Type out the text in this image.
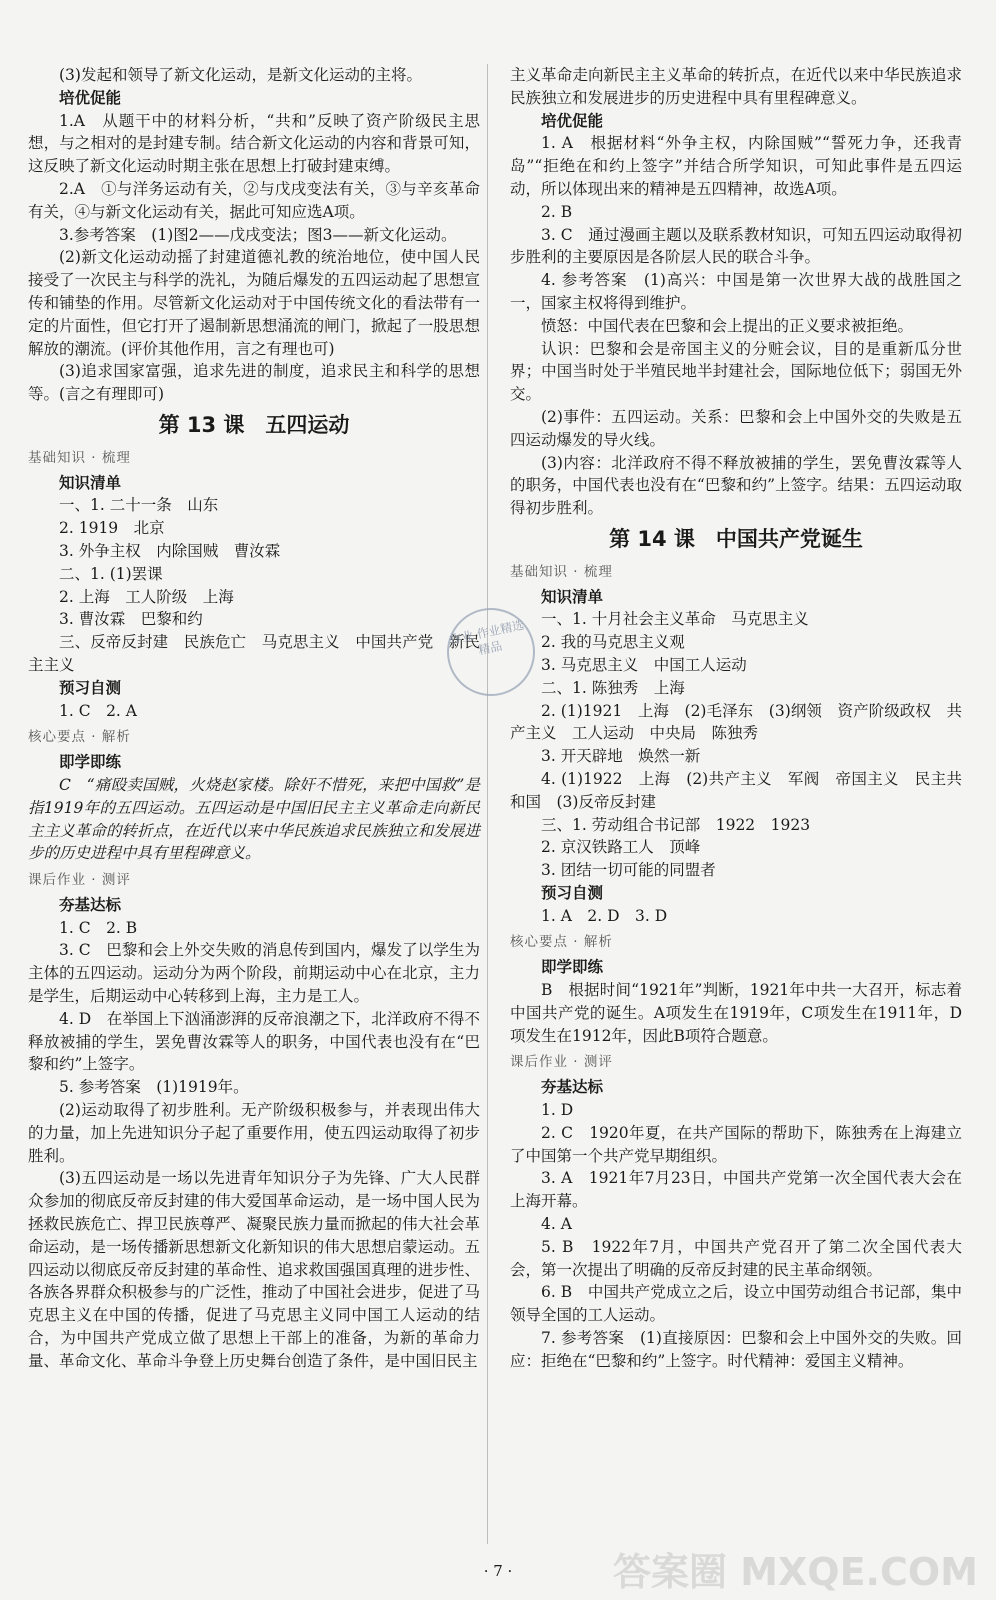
(3)发起和领导了新文化运动，是新文化运动的主将。

培优促能

1.A　从题干中的材料分析，“共和”反映了资产阶级民主思想，与之相对的是封建专制。结合新文化运动的内容和背景可知，这反映了新文化运动时期主张在思想上打破封建束缚。

2.A　①与洋务运动有关，②与戊戌变法有关，③与辛亥革命有关，④与新文化运动有关，据此可知应选A项。

3.参考答案　(1)图2——戊戌变法；图3——新文化运动。

(2)新文化运动动摇了封建道德礼教的统治地位，使中国人民接受了一次民主与科学的洗礼，为随后爆发的五四运动起了思想宣传和铺垫的作用。尽管新文化运动对于中国传统文化的看法带有一定的片面性，但它打开了遏制新思想涌流的闸门，掀起了一股思想解放的潮流。(评价其他作用，言之有理也可)

(3)追求国家富强，追求先进的制度，追求民主和科学的思想等。(言之有理即可)

第 13 课　五四运动

基础知识 · 梳理

知识清单

一、1. 二十一条　山东

2. 1919　北京

3. 外争主权　内除国贼　曹汝霖

二、1. (1)罢课

2. 上海　工人阶级　上海

3. 曹汝霖　巴黎和约

三、反帝反封建　民族危亡　马克思主义　中国共产党　新民主主义

预习自测

1. C　2. A

核心要点 · 解析

即学即练

C　“痛殴卖国贼，火烧赵家楼。除奸不惜死，来把中国救”是指1919年的五四运动。五四运动是中国旧民主主义革命走向新民主主义革命的转折点，在近代以来中华民族追求民族独立和发展进步的历史进程中具有里程碑意义。

课后作业 · 测评

夯基达标

1. C　2. B

3. C　巴黎和会上外交失败的消息传到国内，爆发了以学生为主体的五四运动。运动分为两个阶段，前期运动中心在北京，主力是学生，后期运动中心转移到上海，主力是工人。

4. D　在举国上下汹涌澎湃的反帝浪潮之下，北洋政府不得不释放被捕的学生，罢免曹汝霖等人的职务，中国代表也没有在“巴黎和约”上签字。

5. 参考答案　(1)1919年。

(2)运动取得了初步胜利。无产阶级积极参与，并表现出伟大的力量，加上先进知识分子起了重要作用，使五四运动取得了初步胜利。

(3)五四运动是一场以先进青年知识分子为先锋、广大人民群众参加的彻底反帝反封建的伟大爱国革命运动，是一场中国人民为拯救民族危亡、捍卫民族尊严、凝聚民族力量而掀起的伟大社会革命运动，是一场传播新思想新文化新知识的伟大思想启蒙运动。五四运动以彻底反帝反封建的革命性、追求救国强国真理的进步性、各族各界群众积极参与的广泛性，推动了中国社会进步，促进了马克思主义在中国的传播，促进了马克思主义同中国工人运动的结合，为中国共产党成立做了思想上干部上的准备，为新的革命力量、革命文化、革命斗争登上历史舞台创造了条件，是中国旧民主

主义革命走向新民主主义革命的转折点，在近代以来中华民族追求民族独立和发展进步的历史进程中具有里程碑意义。

培优促能

1. A　根据材料“外争主权，内除国贼”“誓死力争，还我青岛”“拒绝在和约上签字”并结合所学知识，可知此事件是五四运动，所以体现出来的精神是五四精神，故选A项。

2. B

3. C　通过漫画主题以及联系教材知识，可知五四运动取得初步胜利的主要原因是各阶层人民的联合斗争。

4. 参考答案　(1)高兴：中国是第一次世界大战的战胜国之一，国家主权将得到维护。

愤怒：中国代表在巴黎和会上提出的正义要求被拒绝。

认识：巴黎和会是帝国主义的分赃会议，目的是重新瓜分世界；中国当时处于半殖民地半封建社会，国际地位低下；弱国无外交。

(2)事件：五四运动。关系：巴黎和会上中国外交的失败是五四运动爆发的导火线。

(3)内容：北洋政府不得不释放被捕的学生，罢免曹汝霖等人的职务，中国代表也没有在“巴黎和约”上签字。结果：五四运动取得初步胜利。

第 14 课　中国共产党诞生

基础知识 · 梳理

知识清单

一、1. 十月社会主义革命　马克思主义

2. 我的马克思主义观

3. 马克思主义　中国工人运动

二、1. 陈独秀　上海

2. (1)1921　上海　(2)毛泽东　(3)纲领　资产阶级政权　共产主义　工人运动　中央局　陈独秀

3. 开天辟地　焕然一新

4. (1)1922　上海　(2)共产主义　军阀　帝国主义　民主共和国　(3)反帝反封建

三、1. 劳动组合书记部　1922　1923

2. 京汉铁路工人　顶峰

3. 团结一切可能的同盟者

预习自测

1. A　2. D　3. D

核心要点 · 解析

即学即练

B　根据时间“1921年”判断，1921年中共一大召开，标志着中国共产党的诞生。A项发生在1919年，C项发生在1911年，D项发生在1912年，因此B项符合题意。

课后作业 · 测评

夯基达标

1. D

2. C　1920年夏，在共产国际的帮助下，陈独秀在上海建立了中国第一个共产党早期组织。

3. A　1921年7月23日，中国共产党第一次全国代表大会在上海开幕。

4. A

5. B　1922年7月，中国共产党召开了第二次全国代表大会，第一次提出了明确的反帝反封建的民主革命纲领。

6. B　中国共产党成立之后，设立中国劳动组合书记部，集中领导全国的工人运动。

7. 参考答案　(1)直接原因：巴黎和会上中国外交的失败。回应：拒绝在“巴黎和约”上签字。时代精神：爱国主义精神。

作业 作业精选 精品
· 7 ·	答案圈 MXQE.COM
